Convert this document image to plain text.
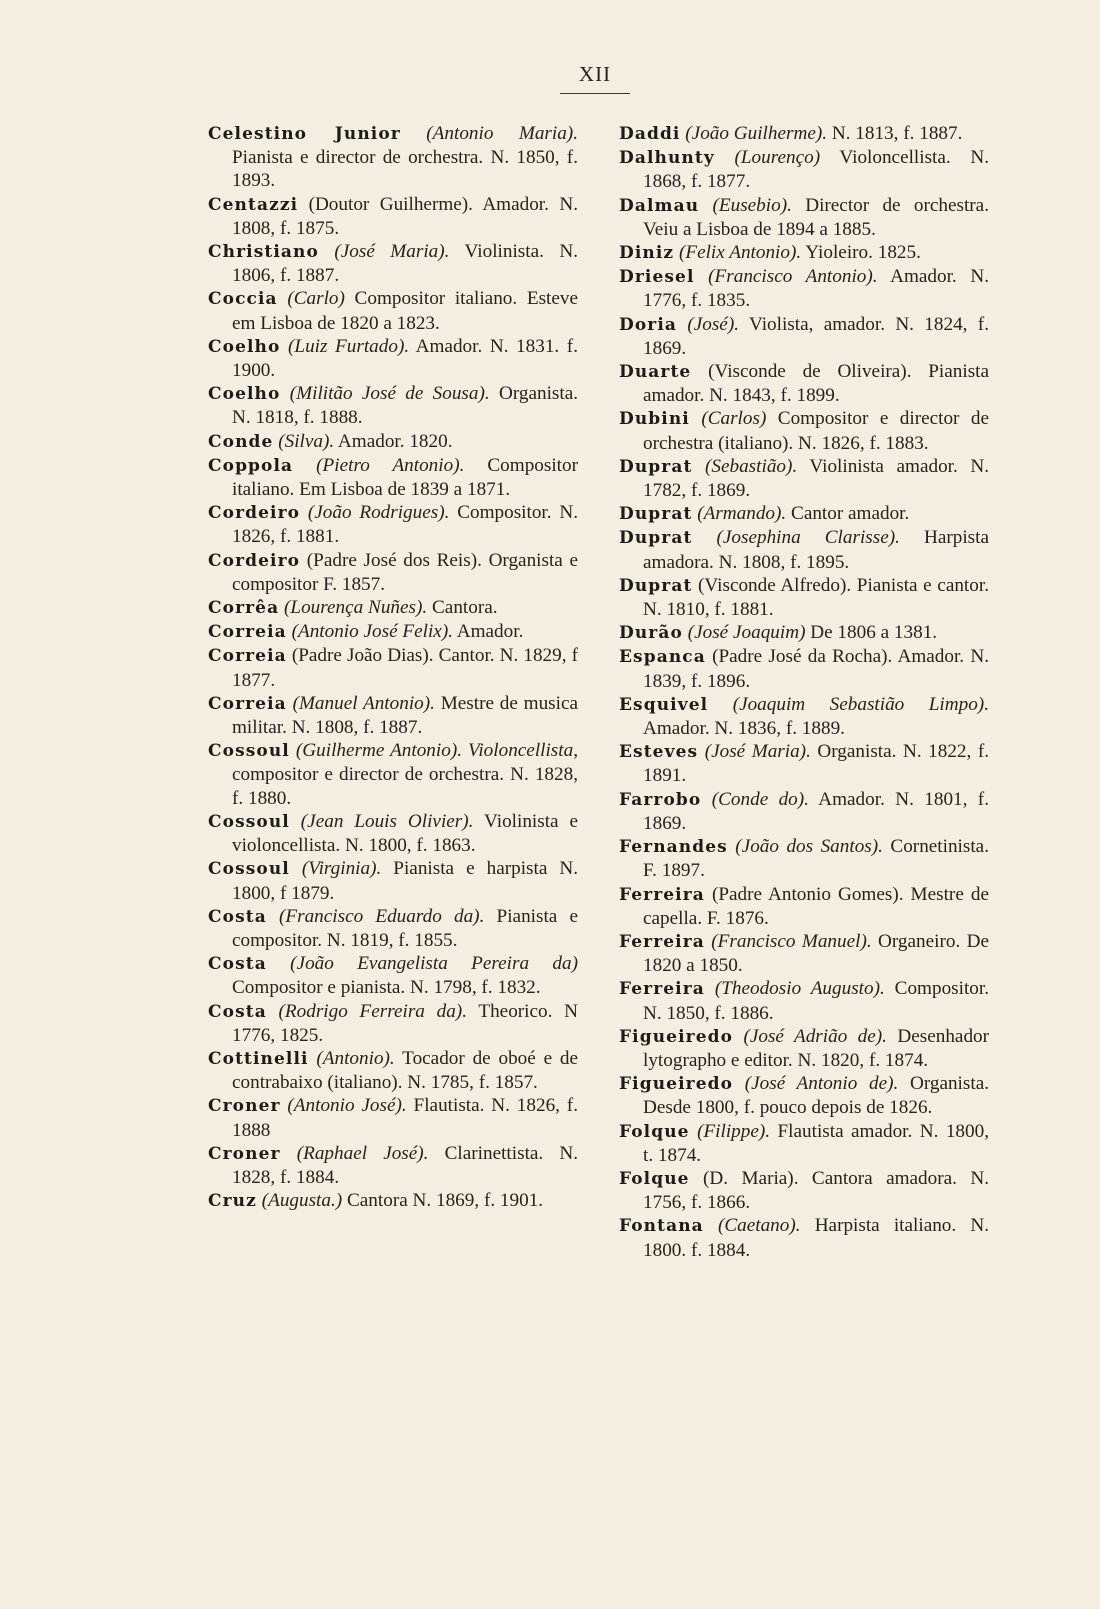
XII

Celestino Junior (Antonio Maria). Pianista e director de orchestra. N. 1850, f. 1893.

Centazzi (Doutor Guilherme). Amador. N. 1808, f. 1875.

Christiano (José Maria). Violinista. N. 1806, f. 1887.

Coccia (Carlo) Compositor italiano. Esteve em Lisboa de 1820 a 1823.

Coelho (Luiz Furtado). Amador. N. 1831. f. 1900.

Coelho (Militão José de Sousa). Organista. N. 1818, f. 1888.

Conde (Silva). Amador. 1820.

Coppola (Pietro Antonio). Compositor italiano. Em Lisboa de 1839 a 1871.

Cordeiro (João Rodrigues). Compositor. N. 1826, f. 1881.

Cordeiro (Padre José dos Reis). Organista e compositor F. 1857.

Corrêa (Lourença Nuñes). Cantora.

Correia (Antonio José Felix). Amador.

Correia (Padre João Dias). Cantor. N. 1829, f 1877.

Correia (Manuel Antonio). Mestre de musica militar. N. 1808, f. 1887.

Cossoul (Guilherme Antonio). Violoncellista, compositor e director de orchestra. N. 1828, f. 1880.

Cossoul (Jean Louis Olivier). Violinista e violoncellista. N. 1800, f. 1863.

Cossoul (Virginia). Pianista e harpista N. 1800, f 1879.

Costa (Francisco Eduardo da). Pianista e compositor. N. 1819, f. 1855.

Costa (João Evangelista Pereira da) Compositor e pianista. N. 1798, f. 1832.

Costa (Rodrigo Ferreira da). Theorico. N 1776, 1825.

Cottinelli (Antonio). Tocador de oboé e de contrabaixo (italiano). N. 1785, f. 1857.

Croner (Antonio José). Flautista. N. 1826, f. 1888

Croner (Raphael José). Clarinettista. N. 1828, f. 1884.

Cruz (Augusta.) Cantora N. 1869, f. 1901.

Daddi (João Guilherme). N. 1813, f. 1887.

Dalhunty (Lourenço) Violoncellista. N. 1868, f. 1877.

Dalmau (Eusebio). Director de orchestra. Veiu a Lisboa de 1894 a 1885.

Diniz (Felix Antonio). Yioleiro. 1825.

Driesel (Francisco Antonio). Amador. N. 1776, f. 1835.

Doria (José). Violista, amador. N. 1824, f. 1869.

Duarte (Visconde de Oliveira). Pianista amador. N. 1843, f. 1899.

Dubini (Carlos) Compositor e director de orchestra (italiano). N. 1826, f. 1883.

Duprat (Sebastião). Violinista amador. N. 1782, f. 1869.

Duprat (Armando). Cantor amador.

Duprat (Josephina Clarisse). Harpista amadora. N. 1808, f. 1895.

Duprat (Visconde Alfredo). Pianista e cantor. N. 1810, f. 1881.

Durão (José Joaquim) De 1806 a 1381.

Espanca (Padre José da Rocha). Amador. N. 1839, f. 1896.

Esquivel (Joaquim Sebastião Limpo). Amador. N. 1836, f. 1889.

Esteves (José Maria). Organista. N. 1822, f. 1891.

Farrobo (Conde do). Amador. N. 1801, f. 1869.

Fernandes (João dos Santos). Cornetinista. F. 1897.

Ferreira (Padre Antonio Gomes). Mestre de capella. F. 1876.

Ferreira (Francisco Manuel). Organeiro. De 1820 a 1850.

Ferreira (Theodosio Augusto). Compositor. N. 1850, f. 1886.

Figueiredo (José Adrião de). Desenhador lytographo e editor. N. 1820, f. 1874.

Figueiredo (José Antonio de). Organista. Desde 1800, f. pouco depois de 1826.

Folque (Filippe). Flautista amador. N. 1800, t. 1874.

Folque (D. Maria). Cantora amadora. N. 1756, f. 1866.

Fontana (Caetano). Harpista italiano. N. 1800. f. 1884.
